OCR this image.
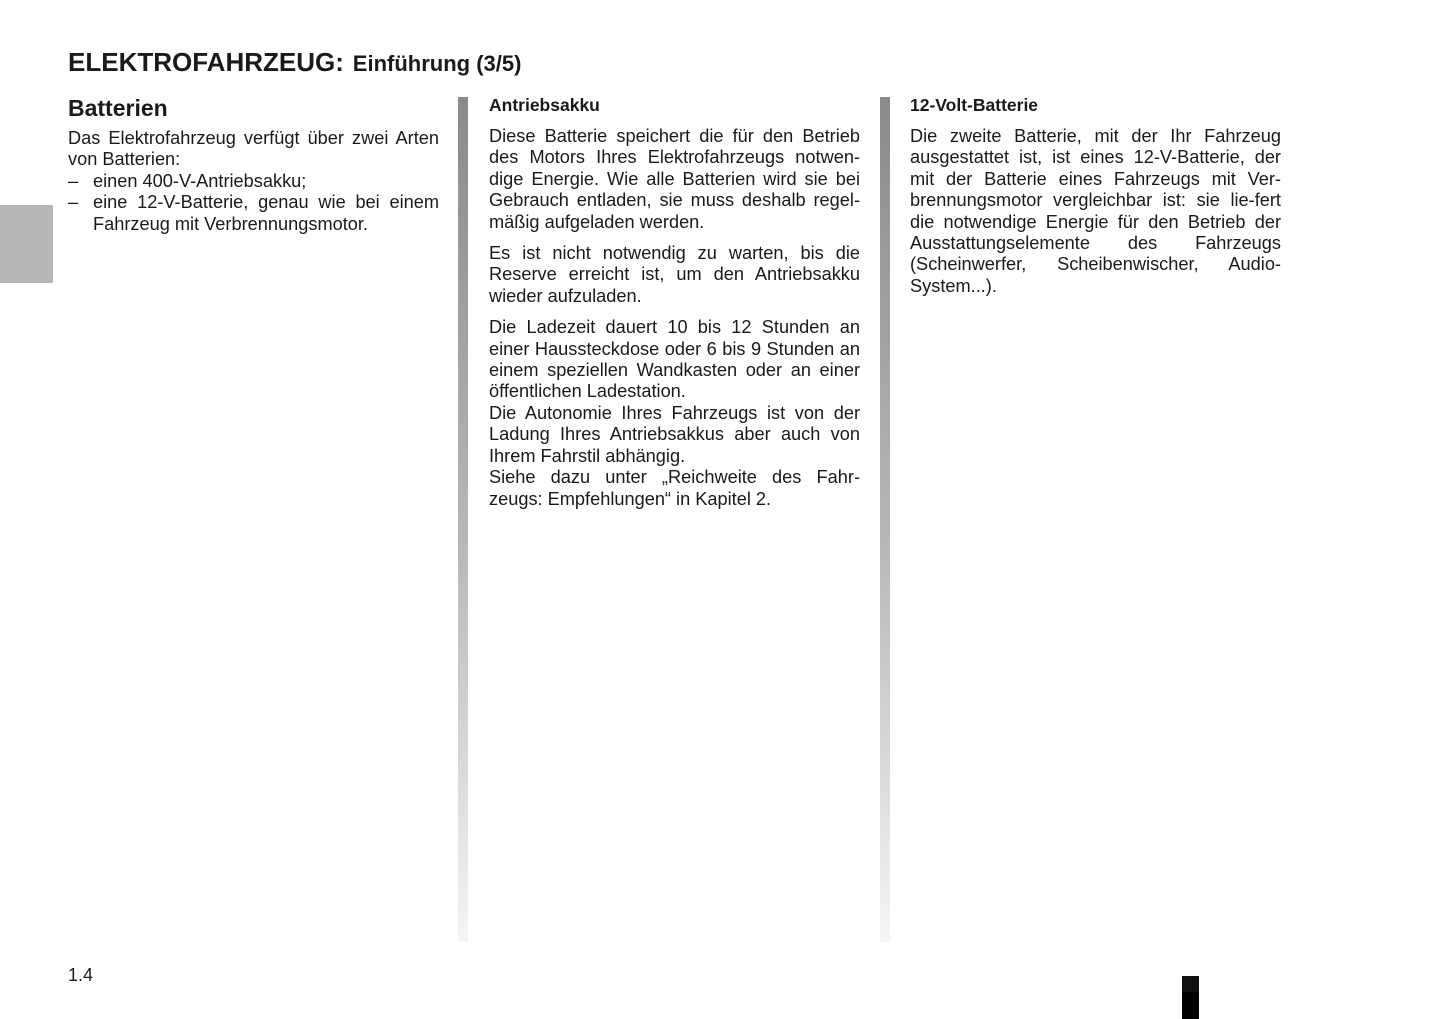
ELEKTROFAHRZEUG: Einführung (3/5)
Batterien

Das Elektrofahrzeug verfügt über zwei Arten von Batterien:

– einen 400-V-Antriebsakku;
– eine 12-V-Batterie, genau wie bei einem Fahrzeug mit Verbrennungsmotor.
Antriebsakku

Diese Batterie speichert die für den Betrieb des Motors Ihres Elektrofahrzeugs notwen-dige Energie. Wie alle Batterien wird sie bei Gebrauch entladen, sie muss deshalb regel-mäßig aufgeladen werden.

Es ist nicht notwendig zu warten, bis die Reserve erreicht ist, um den Antriebsakku wieder aufzuladen.

Die Ladezeit dauert 10 bis 12 Stunden an einer Haussteckdose oder 6 bis 9 Stunden an einem speziellen Wandkasten oder an einer öffentlichen Ladestation.

Die Autonomie Ihres Fahrzeugs ist von der Ladung Ihres Antriebsakkus aber auch von Ihrem Fahrstil abhängig.

Siehe dazu unter „Reichweite des Fahr-zeugs: Empfehlungen“ in Kapitel 2.

12-Volt-Batterie

Die zweite Batterie, mit der Ihr Fahrzeug ausgestattet ist, ist eines 12-V-Batterie, der mit der Batterie eines Fahrzeugs mit Ver-brennungsmotor vergleichbar ist: sie lie-fert die notwendige Energie für den Betrieb der Ausstattungselemente des Fahrzeugs (Scheinwerfer, Scheibenwischer, Audio-System...).

1.4
